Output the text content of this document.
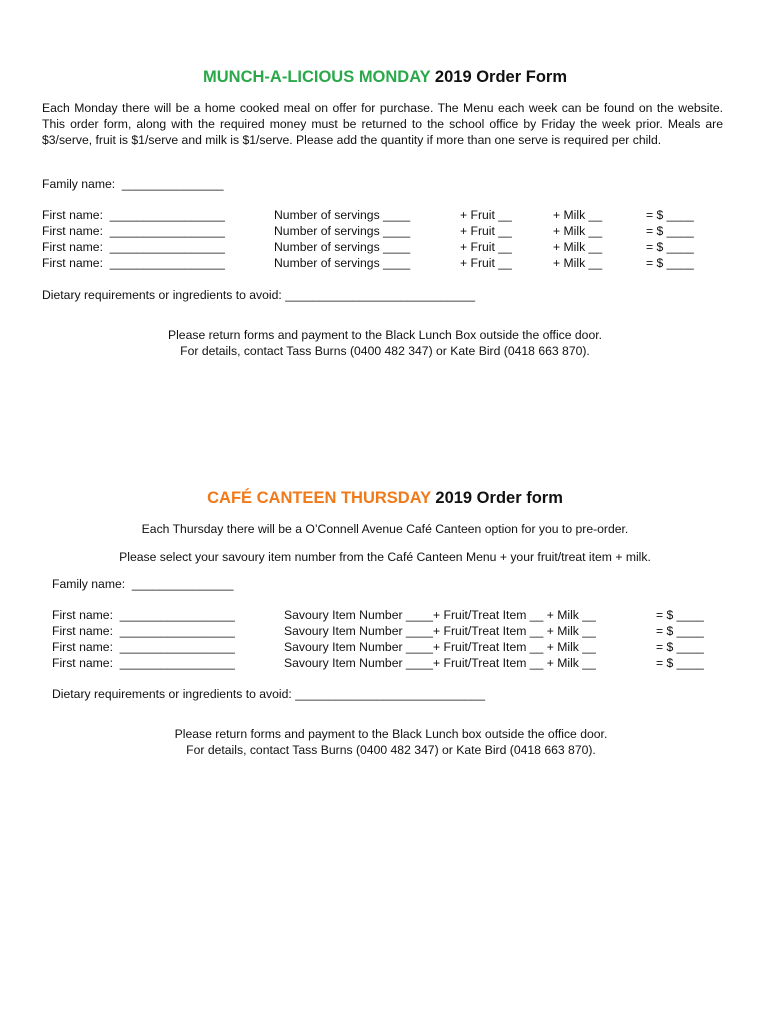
MUNCH-A-LICIOUS MONDAY 2019 Order Form

Each Monday there will be a home cooked meal on offer for purchase. The Menu each week can be found on the website. This order form, along with the required money must be returned to the school office by Friday the week prior. Meals are $3/serve, fruit is $1/serve and milk is $1/serve. Please add the quantity if more than one serve is required per child.

Family name:  _______________
First name:  _________________	Number of servings ____	+ Fruit __	+ Milk __	= $ ____
First name:  _________________	Number of servings ____	+ Fruit __	+ Milk __	= $ ____
First name:  _________________	Number of servings ____	+ Fruit __	+ Milk __	= $ ____
First name:  _________________	Number of servings ____	+ Fruit __	+ Milk __	= $ ____
Dietary requirements or ingredients to avoid: ____________________________
Please return forms and payment to the Black Lunch Box outside the office door.
For details, contact Tass Burns (0400 482 347) or Kate Bird (0418 663 870).
CAFÉ CANTEEN THURSDAY 2019 Order form
Each Thursday there will be a O’Connell Avenue Café Canteen option for you to pre-order.
Please select your savoury item number from the Café Canteen Menu + your fruit/treat item + milk.
Family name:  _______________
First name:  _________________	Savoury Item Number ____+ Fruit/Treat Item __ + Milk __	= $ ____
First name:  _________________	Savoury Item Number ____+ Fruit/Treat Item __ + Milk __	= $ ____
First name:  _________________	Savoury Item Number ____+ Fruit/Treat Item __ + Milk __	= $ ____
First name:  _________________	Savoury Item Number ____+ Fruit/Treat Item __ + Milk __	= $ ____
Dietary requirements or ingredients to avoid: ____________________________
Please return forms and payment to the Black Lunch box outside the office door.
For details, contact Tass Burns (0400 482 347) or Kate Bird (0418 663 870).
